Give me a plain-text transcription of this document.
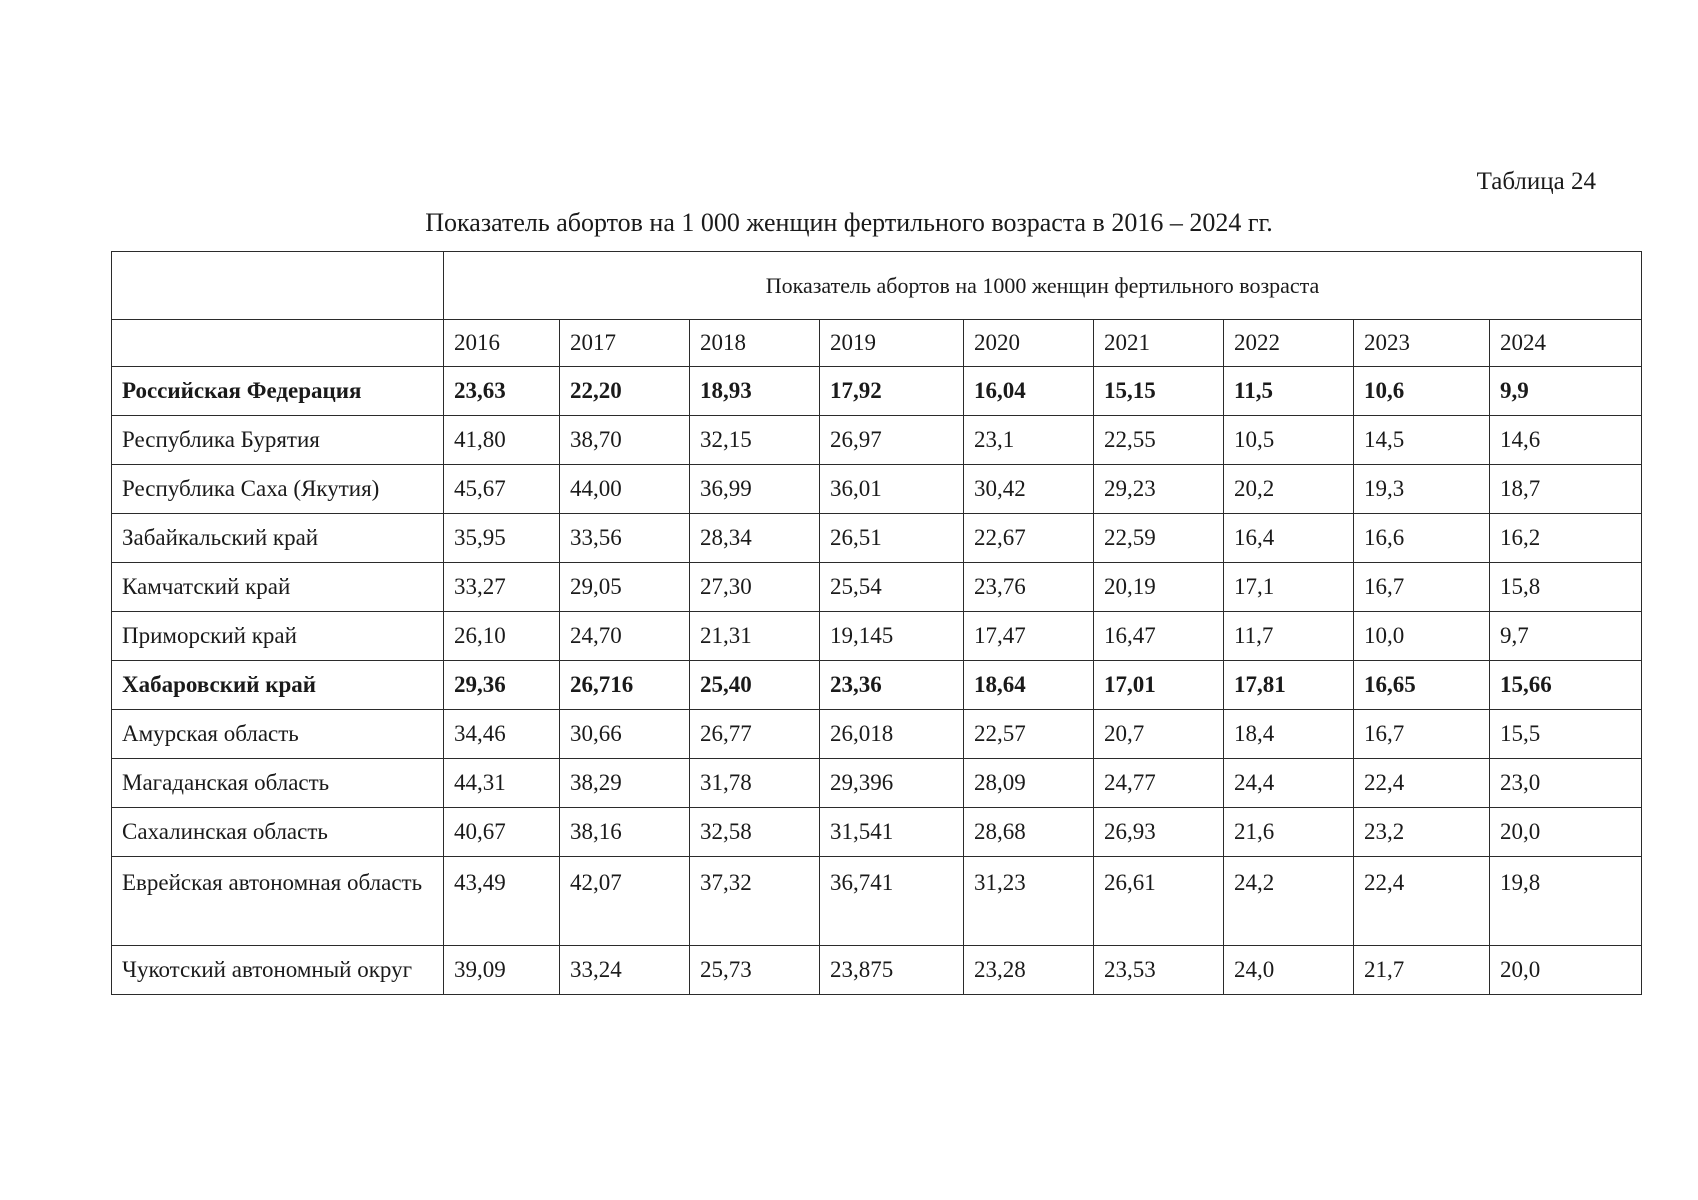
Таблица 24
Показатель абортов на 1 000 женщин фертильного возраста в 2016 – 2024 гг.
	Показатель абортов на 1000 женщин фертильного возраста								
	2016	2017	2018	2019	2020	2021	2022	2023	2024
Российская Федерация	23,63	22,20	18,93	17,92	16,04	15,15	11,5	10,6	9,9
Республика Бурятия	41,80	38,70	32,15	26,97	23,1	22,55	10,5	14,5	14,6
Республика Саха (Якутия)	45,67	44,00	36,99	36,01	30,42	29,23	20,2	19,3	18,7
Забайкальский край	35,95	33,56	28,34	26,51	22,67	22,59	16,4	16,6	16,2
Камчатский край	33,27	29,05	27,30	25,54	23,76	20,19	17,1	16,7	15,8
Приморский край	26,10	24,70	21,31	19,145	17,47	16,47	11,7	10,0	9,7
Хабаровский край	29,36	26,716	25,40	23,36	18,64	17,01	17,81	16,65	15,66
Амурская область	34,46	30,66	26,77	26,018	22,57	20,7	18,4	16,7	15,5
Магаданская область	44,31	38,29	31,78	29,396	28,09	24,77	24,4	22,4	23,0
Сахалинская область	40,67	38,16	32,58	31,541	28,68	26,93	21,6	23,2	20,0
Еврейская автономная область	43,49	42,07	37,32	36,741	31,23	26,61	24,2	22,4	19,8
Чукотский автономный округ	39,09	33,24	25,73	23,875	23,28	23,53	24,0	21,7	20,0
